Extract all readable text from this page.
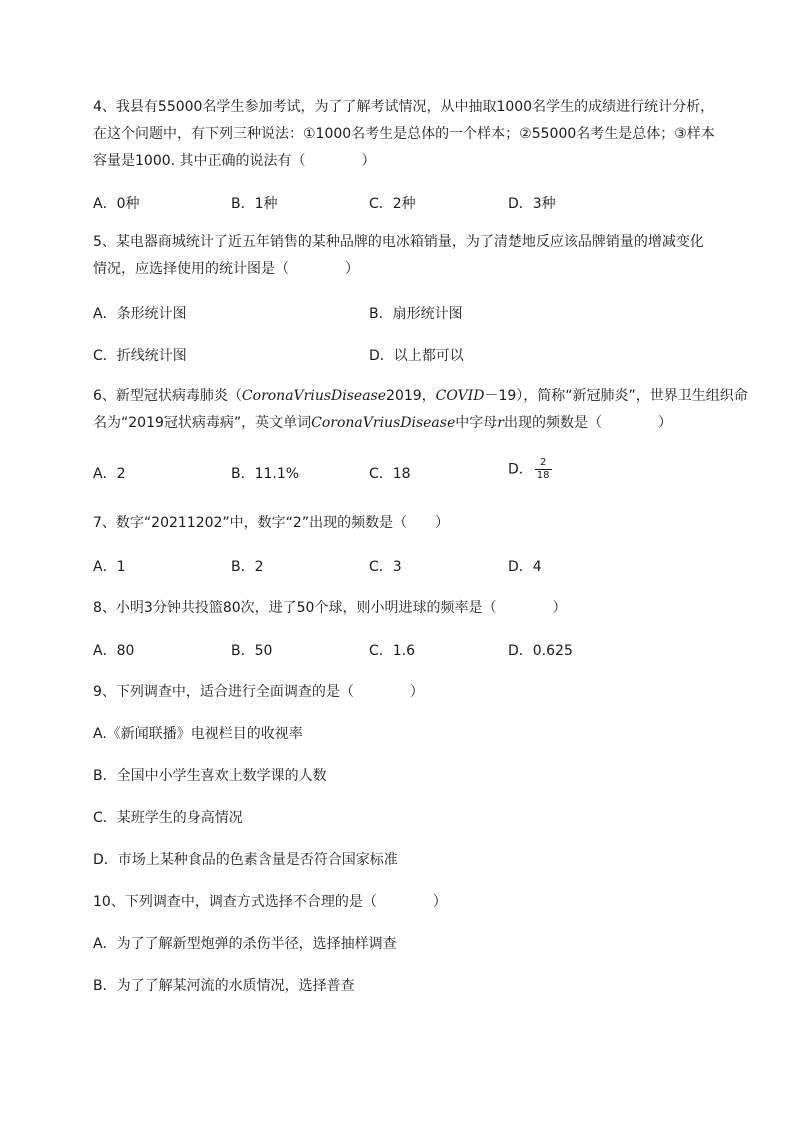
4、我县有55000名学生参加考试，为了了解考试情况，从中抽取1000名学生的成绩进行统计分析，
在这个问题中，有下列三种说法：①1000名考生是总体的一个样本；②55000名考生是总体；③样本
容量是1000. 其中正确的说法有（　　　　）
A．0种	B．1种	C．2种	D．3种
5、某电器商城统计了近五年销售的某种品牌的电冰箱销量，为了清楚地反应该品牌销量的增减变化
情况，应选择使用的统计图是（　　　　）
A．条形统计图	B．扇形统计图
C．折线统计图	D．以上都可以
6、新型冠状病毒肺炎（CoronaVriusDisease2019，COVID－19），简称“新冠肺炎”，世界卫生组织命
名为“2019冠状病毒病”，英文单词CoronaVriusDisease中字母r出现的频数是（　　　　）
A．2	B．11.1%	C．18	D． $\frac{2}{18}$
7、数字“20211202”中，数字“2”出现的频数是（　　）
A．1	B．2	C．3	D．4
8、小明3分钟共投篮80次，进了50个球，则小明进球的频率是（　　　　）
A．80	B．50	C．1.6	D．0.625
9、下列调查中，适合进行全面调查的是（　　　　）
A.《新闻联播》电视栏目的收视率
B．全国中小学生喜欢上数学课的人数
C．某班学生的身高情况
D．市场上某种食品的色素含量是否符合国家标准
10、下列调查中，调查方式选择不合理的是（　　　　）
A．为了了解新型炮弹的杀伤半径，选择抽样调查
B．为了了解某河流的水质情况，选择普查
